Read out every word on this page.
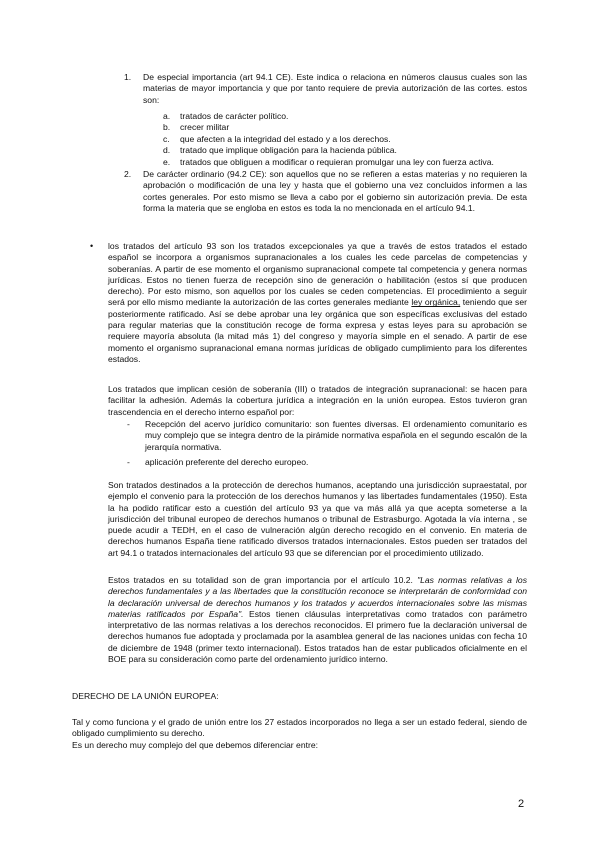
1. De especial importancia (art 94.1 CE). Este indica o relaciona en números clausus cuales son las materias de mayor importancia y que por tanto requiere de previa autorización de las cortes. estos son:

a. tratados de carácter político.
b. crecer militar
c. que afecten a la integridad del estado y a los derechos.
d. tratado que implique obligación para la hacienda pública.
e. tratados que obliguen a modificar o requieran promulgar una ley con fuerza activa.
2. De carácter ordinario (94.2 CE): son aquellos que no se refieren a estas materias y no requieren la aprobación o modificación de una ley y hasta que el gobierno una vez concluidos informen a las cortes generales. Por esto mismo se lleva a cabo por el gobierno sin autorización previa. De esta forma la materia que se engloba en estos es toda la no mencionada en el artículo 94.1.

• los tratados del artículo 93 son los tratados excepcionales ya que a través de estos tratados el estado español se incorpora a organismos supranacionales a los cuales les cede parcelas de competencias y soberanías. A partir de ese momento el organismo supranacional compete tal competencia y genera normas jurídicas. Estos no tienen fuerza de recepción sino de generación o habilitación (estos sí que producen derecho). Por esto mismo, son aquellos por los cuales se ceden competencias. El procedimiento a seguir será por ello mismo mediante la autorización de las cortes generales mediante ley orgánica, teniendo que ser posteriormente ratificado. Así se debe aprobar una ley orgánica que son específicas exclusivas del estado para regular materias que la constitución recoge de forma expresa y estas leyes para su aprobación se requiere mayoría absoluta (la mitad más 1) del congreso y mayoría simple en el senado. A partir de ese momento el organismo supranacional emana normas jurídicas de obligado cumplimiento para los diferentes estados.

Los tratados que implican cesión de soberanía (III) o tratados de integración supranacional: se hacen para facilitar la adhesión. Además la cobertura jurídica a integración en la unión europea. Estos tuvieron gran trascendencia en el derecho interno español por:

- Recepción del acervo jurídico comunitario: son fuentes diversas. El ordenamiento comunitario es muy complejo que se integra dentro de la pirámide normativa española en el segundo escalón de la jerarquía normativa.

- aplicación preferente del derecho europeo.

Son tratados destinados a la protección de derechos humanos, aceptando una jurisdicción supraestatal, por ejemplo el convenio para la protección de los derechos humanos y las libertades fundamentales (1950). Esta la ha podido ratificar esto a cuestión del artículo 93 ya que va más allá ya que acepta someterse a la jurisdicción del tribunal europeo de derechos humanos o tribunal de Estrasburgo. Agotada la vía interna , se puede acudir a TEDH, en el caso de vulneración algún derecho recogido en el convenio. En materia de derechos humanos España tiene ratificado diversos tratados internacionales. Estos pueden ser tratados del art 94.1 o tratados internacionales del artículo 93 que se diferencian por el procedimiento utilizado.

Estos tratados en su totalidad son de gran importancia por el artículo 10.2. "Las normas relativas a los derechos fundamentales y a las libertades que la constitución reconoce se interpretarán de conformidad con la declaración universal de derechos humanos y los tratados y acuerdos internacionales sobre las mismas materias ratificados por España". Estos tienen cláusulas interpretativas como tratados con parámetro interpretativo de las normas relativas a los derechos reconocidos. El primero fue la declaración universal de derechos humanos fue adoptada y proclamada por la asamblea general de las naciones unidas con fecha 10 de diciembre de 1948 (primer texto internacional). Estos tratados han de estar publicados oficialmente en el BOE para su consideración como parte del ordenamiento jurídico interno.

DERECHO DE LA UNIÓN EUROPEA:

Tal y como funciona y el grado de unión entre los 27 estados incorporados no llega a ser un estado federal, siendo de obligado cumplimiento su derecho.

Es un derecho muy complejo del que debemos diferenciar entre:

2
